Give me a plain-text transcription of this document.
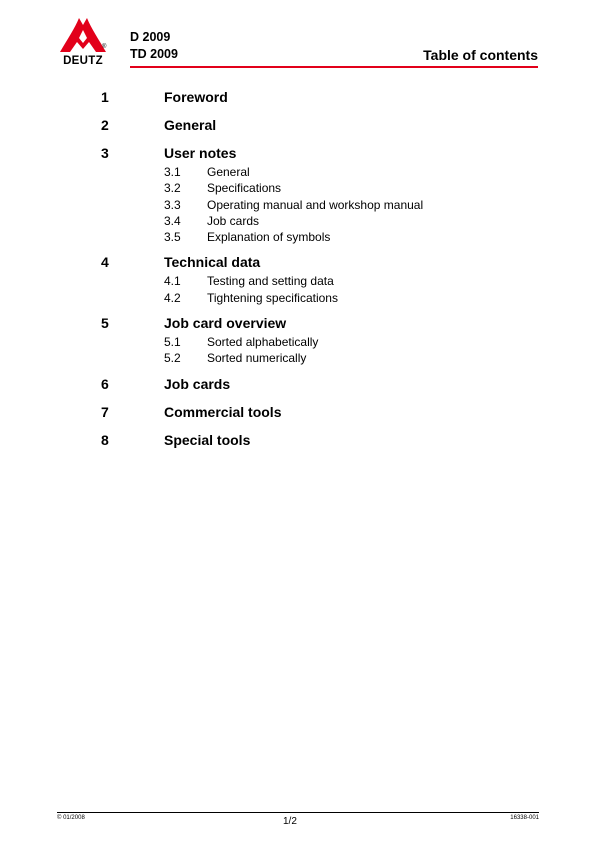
®
DEUTZ
D 2009
TD 2009	Table of contents
1	Foreword
2	General
3	User notes
3.1 General
3.2 Specifications
3.3 Operating manual and workshop manual
3.4 Job cards
3.5 Explanation of symbols
4	Technical data
4.1 Testing and setting data
4.2 Tightening specifications
5	Job card overview
5.1 Sorted alphabetically
5.2 Sorted numerically
6	Job cards
7	Commercial tools
8	Special tools
© 01/2008	1/2	16338-001
